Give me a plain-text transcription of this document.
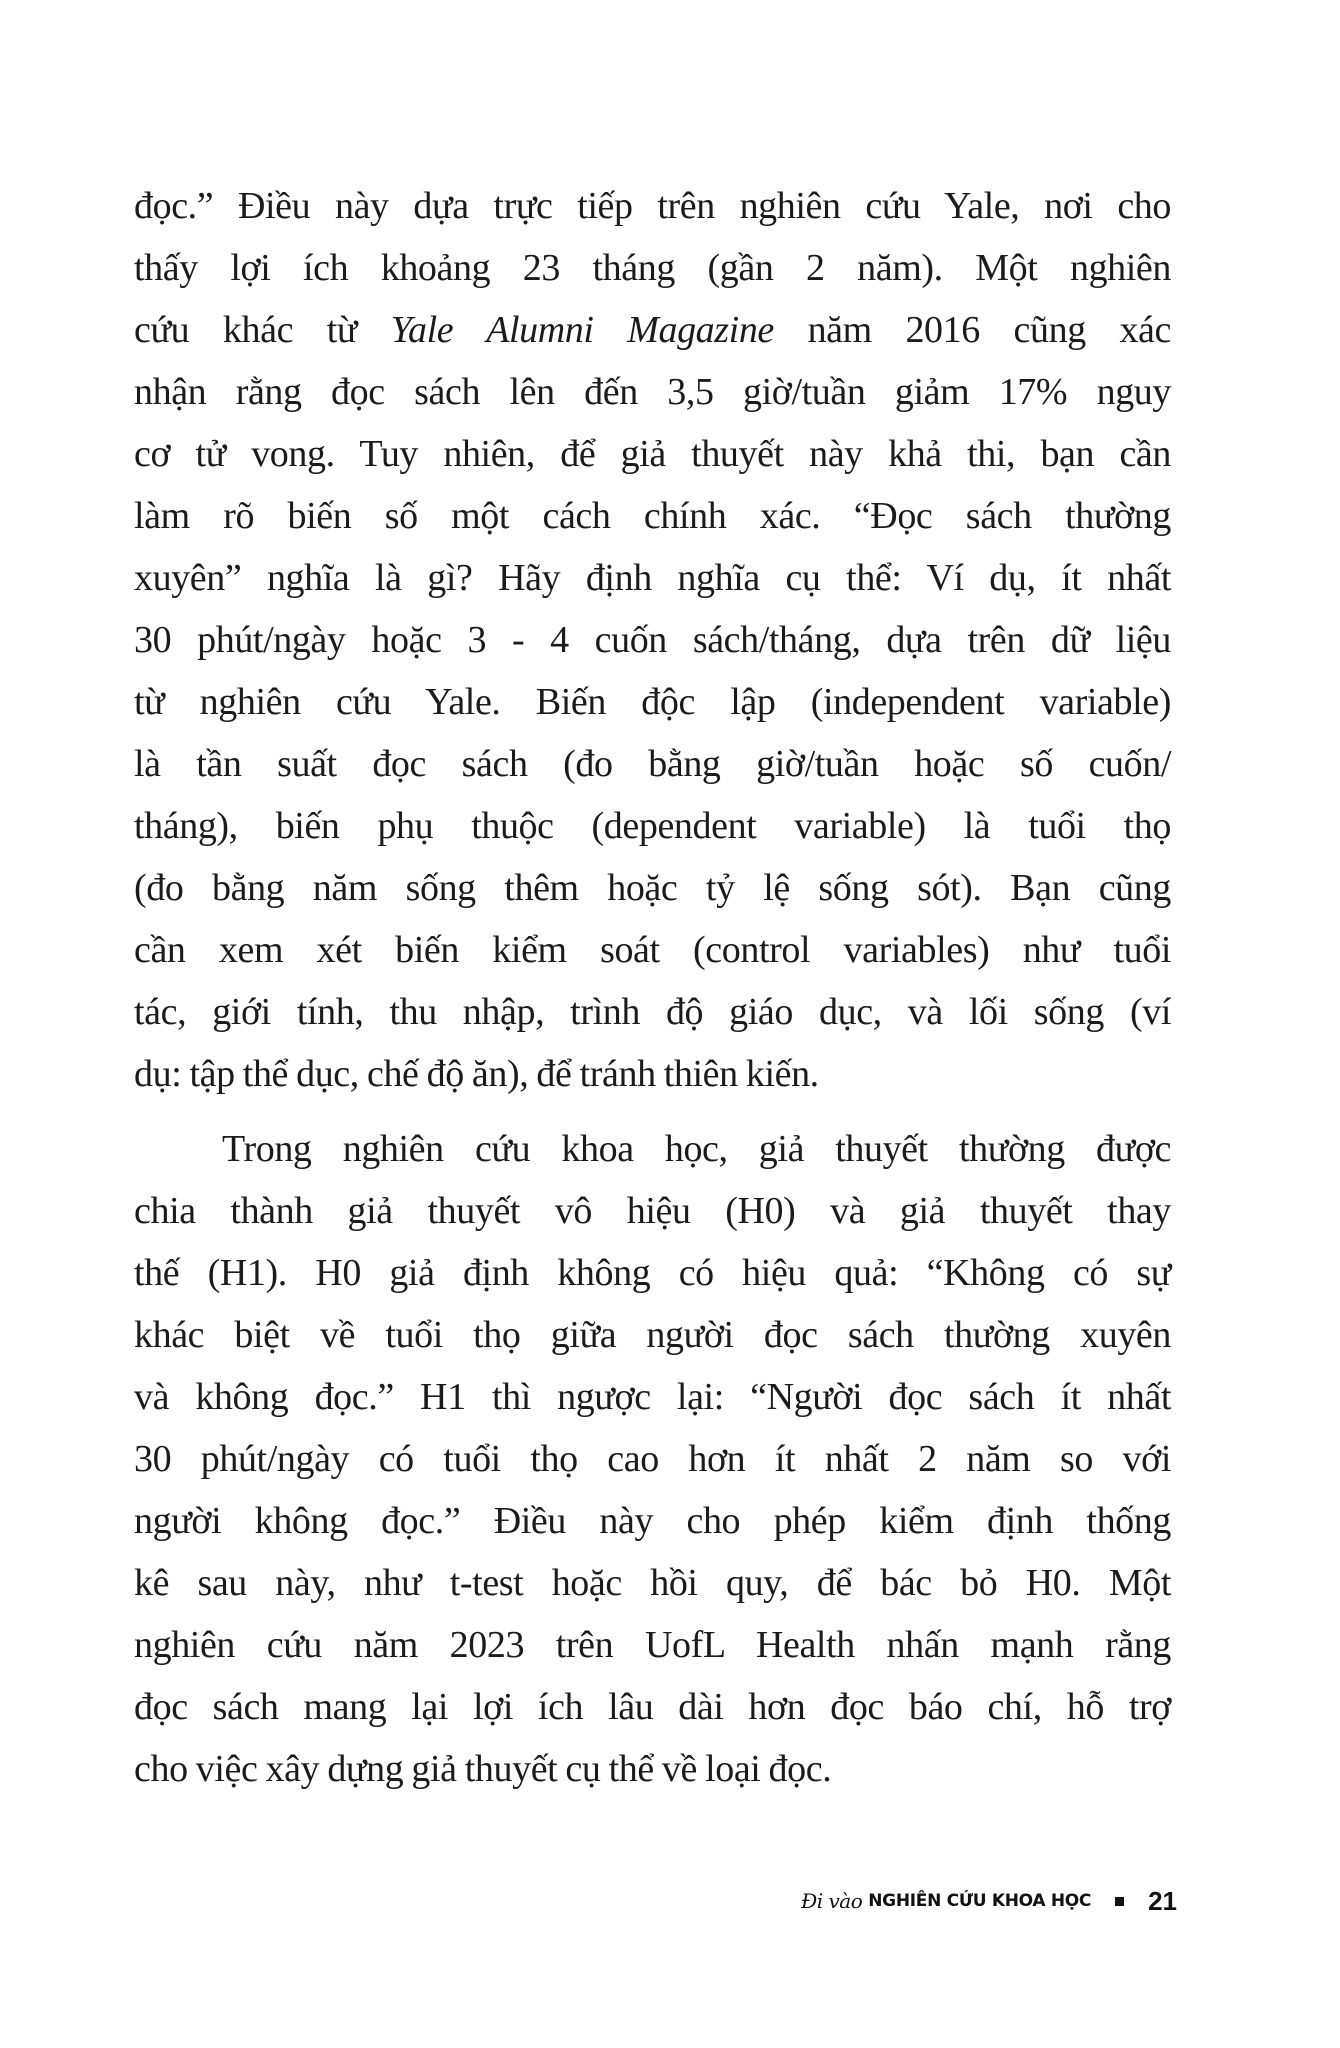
đọc.” Điều này dựa trực tiếp trên nghiên cứu Yale, nơi cho
thấy lợi ích khoảng 23 tháng (gần 2 năm). Một nghiên
cứu khác từ Yale Alumni Magazine năm 2016 cũng xác
nhận rằng đọc sách lên đến 3,5 giờ/tuần giảm 17% nguy
cơ tử vong. Tuy nhiên, để giả thuyết này khả thi, bạn cần
làm rõ biến số một cách chính xác. “Đọc sách thường
xuyên” nghĩa là gì? Hãy định nghĩa cụ thể: Ví dụ, ít nhất
30 phút/ngày hoặc 3 - 4 cuốn sách/tháng, dựa trên dữ liệu
từ nghiên cứu Yale. Biến độc lập (independent variable)
là tần suất đọc sách (đo bằng giờ/tuần hoặc số cuốn/
tháng), biến phụ thuộc (dependent variable) là tuổi thọ
(đo bằng năm sống thêm hoặc tỷ lệ sống sót). Bạn cũng
cần xem xét biến kiểm soát (control variables) như tuổi
tác, giới tính, thu nhập, trình độ giáo dục, và lối sống (ví
dụ: tập thể dục, chế độ ăn), để tránh thiên kiến.
Trong nghiên cứu khoa học, giả thuyết thường được
chia thành giả thuyết vô hiệu (H0) và giả thuyết thay
thế (H1). H0 giả định không có hiệu quả: “Không có sự
khác biệt về tuổi thọ giữa người đọc sách thường xuyên
và không đọc.” H1 thì ngược lại: “Người đọc sách ít nhất
30 phút/ngày có tuổi thọ cao hơn ít nhất 2 năm so với
người không đọc.” Điều này cho phép kiểm định thống
kê sau này, như t-test hoặc hồi quy, để bác bỏ H0. Một
nghiên cứu năm 2023 trên UofL Health nhấn mạnh rằng
đọc sách mang lại lợi ích lâu dài hơn đọc báo chí, hỗ trợ
cho việc xây dựng giả thuyết cụ thể về loại đọc.
Đi vào NGHIÊN CỨU KHOA HỌC 21
